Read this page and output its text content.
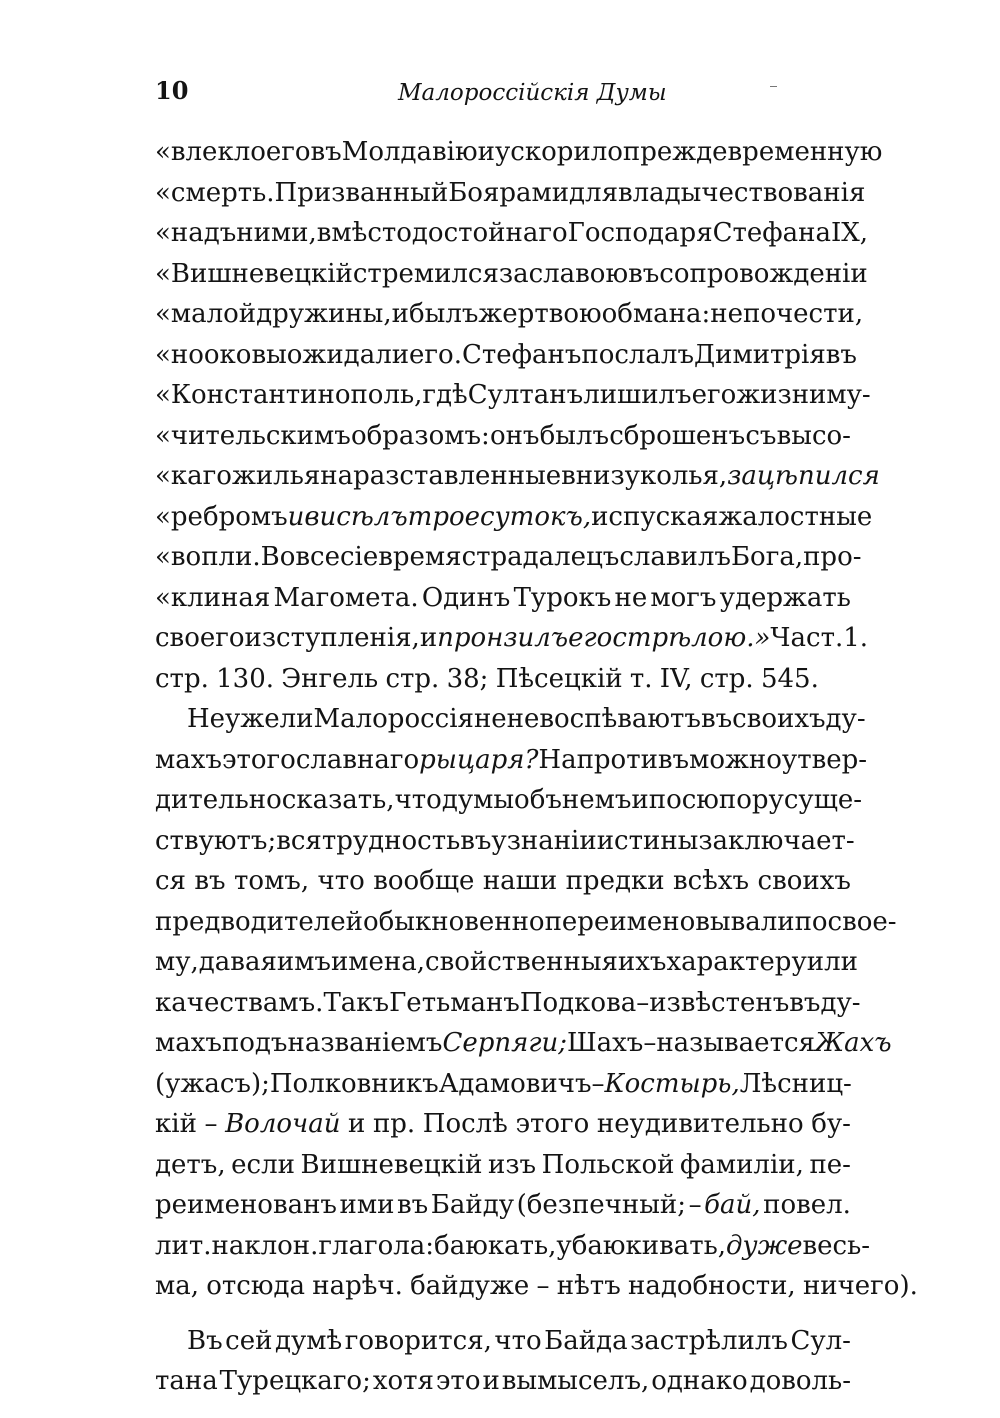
10	Малороссійскія Думы
«влекло его въ Молдавію и ускорило преждевременную
«смерть. Призванный Боярами для владычествованія
«надъ ними, вмѣсто достойнаго Господаря Стефана IX,
«Вишневецкій стремился за славою въ сопровожденіи
«малой дружины, и былъ жертвою обмана: не почести,
«но оковы ожидали его. Стефанъ послалъ Димитрія въ
«Константинополь, гдѣ Султанъ лишилъ его жизни му-
«чительскимъ образомъ: онъ былъ сброшенъ съ высо-
«каго жилья на разставленные внизу колья, зацѣпился
«ребромъ и висѣлъ трое сутокъ, испуская жалостные
«вопли. Во все сіе время страдалецъ славилъ Бога, про-
«клиная Магомета. Одинъ Турокъ не могъ удержать
своего изступленія, и пронзилъ его стрѣлою.» Част. 1.
стр. 130. Энгель стр. 38; Пѣсецкій т. IV, стр. 545.
Неужели Малороссіяне не воспѣваютъ въ своихъ ду-
махъ этого славнаго рыцаря? Напротивъ можно утвер-
дительно сказать, что думы объ немъ и по сю пору суще-
ствуютъ; вся трудность въ узнаніи истины заключает-
ся въ томъ, что вообще наши предки всѣхъ своихъ
предводителей обыкновенно переименовывали по свое-
му, давая имъ имена, свойственныя ихъ характеру или
качествамъ. Такъ Гетьманъ Подкова – извѣстенъ въ ду-
махъ подъ названіемъ Серпяги; Шахъ – называется Жахъ
(ужасъ); Полковникъ Адамовичъ – Костырь, Лѣсниц-
кій – Волочай и пр. Послѣ этого неудивительно бу-
детъ, если Вишневецкій изъ Польской фамиліи, пе-
реименованъ ими въ Байду (безпечный; – бай, повел.
лит. наклон. глагола: баюкать, убаюкивать, дуже весь-
ма, отсюда нарѣч. байдуже – нѣтъ надобности, ничего).
Въ сей думѣ говорится, что Байда застрѣлилъ Сул-
тана Турецкаго; хотя это и вымыселъ, однако доволь-
